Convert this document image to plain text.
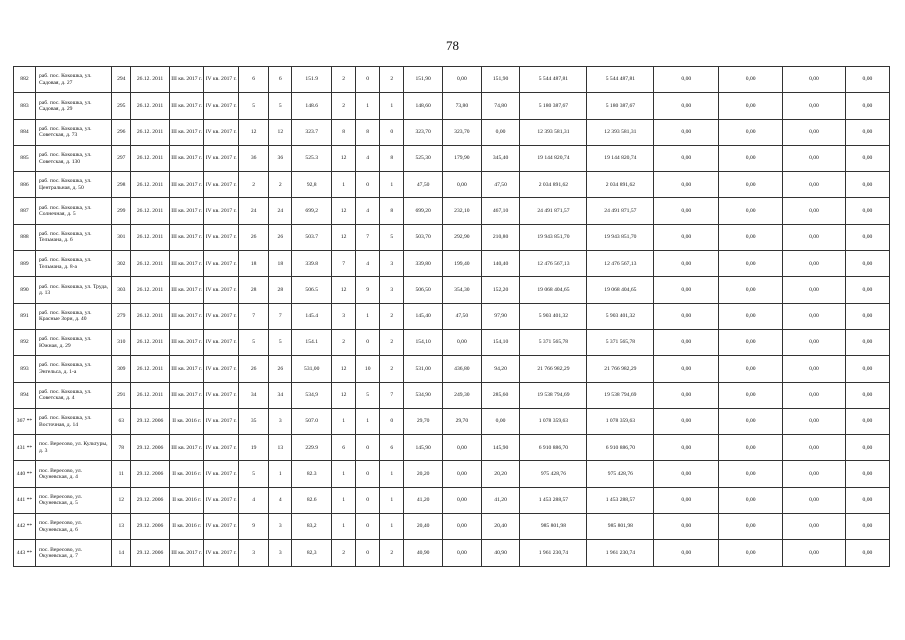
78
882	раб. пос. Кокошка, ул. Садовая, д. 27	294	26.12. 2011	III кв. 2017 г.	IV кв. 2017 г.	6	6	151.9	2	0	2	151,90	0,00	151,90	5 544 487,81	5 544 487,81	0,00	0,00	0,00	0,00
883	раб. пос. Кокошка, ул. Садовая, д. 29	295	26.12. 2011	III кв. 2017 г.	IV кв. 2017 г.	5	5	148.6	2	1	1	148,60	73,80	74,80	5 180 387,67	5 180 387,67	0,00	0,00	0,00	0,00
884	раб. пос. Кокошка, ул. Советская, д. 73	296	26.12. 2011	III кв. 2017 г.	IV кв. 2017 г.	12	12	323.7	8	8	0	323,70	323,70	0,00	12 393 581,31	12 393 581,31	0,00	0,00	0,00	0,00
885	раб. пос. Кокошка, ул. Советская, д. 130	297	26.12. 2011	III кв. 2017 г.	IV кв. 2017 г.	36	36	525.3	12	4	8	525,30	179,90	345,40	19 144 820,74	19 144 820,74	0,00	0,00	0,00	0,00
886	раб. пос. Кокошка, ул. Центральная, д. 50	298	26.12. 2011	III кв. 2017 г.	IV кв. 2017 г.	2	2	92,8	1	0	1	47,50	0,00	47,50	2 034 891,62	2 034 891,62	0,00	0,00	0,00	0,00
887	раб. пос. Кокошка, ул. Солнечная, д. 5	299	26.12. 2011	III кв. 2017 г.	IV кв. 2017 г.	24	24	699,2	12	4	8	699,20	232,10	467,10	24 491 871,57	24 491 871,57	0,00	0,00	0,00	0,00
888	раб. пос. Кокошка, ул. Тельмана, д. 6	301	26.12. 2011	III кв. 2017 г.	IV кв. 2017 г.	26	26	503.7	12	7	5	503,70	292,90	210,80	19 943 851,70	19 943 851,70	0,00	0,00	0,00	0,00
889	раб. пос. Кокошка, ул. Тельмана, д. 8-а	302	26.12. 2011	III кв. 2017 г.	IV кв. 2017 г.	18	18	339.8	7	4	3	339,80	199,40	140,40	12 476 567,13	12 476 567,13	0,00	0,00	0,00	0,00
890	раб. пос. Кокошка, ул. Труда, д. 13	303	26.12. 2011	III кв. 2017 г.	IV кв. 2017 г.	28	28	506.5	12	9	3	506,50	354,30	152,20	19 068 404,65	19 068 404,65	0,00	0,00	0,00	0,00
891	раб. пос. Кокошка, ул. Красные Зори, д. 40	279	26.12. 2011	III кв. 2017 г.	IV кв. 2017 г.	7	7	145.4	3	1	2	145,40	47,50	97,90	5 903 401,32	5 903 401,32	0,00	0,00	0,00	0,00
892	раб. пос. Кокошка, ул. Южная, д. 29	310	26.12. 2011	III кв. 2017 г.	IV кв. 2017 г.	5	5	154.1	2	0	2	154,10	0,00	154,10	5 371 565,78	5 371 565,78	0,00	0,00	0,00	0,00
893	раб. пос. Кокошка, ул. Энгельса, д. 1-а	309	26.12. 2011	III кв. 2017 г.	IV кв. 2017 г.	26	26	531,00	12	10	2	531,00	436,80	94,20	21 766 982,29	21 766 982,29	0,00	0,00	0,00	0,00
894	раб. пос. Кокошка, ул. Советская, д. 4	291	26.12. 2011	III кв. 2017 г.	IV кв. 2017 г.	34	34	534,9	12	5	7	534,90	249,30	285,60	19 538 794,69	19 538 794,69	0,00	0,00	0,00	0,00
367 **	раб. пос. Кокошка, ул. Восточная, д. 14	63	29.12. 2006	II кв. 2016 г.	IV кв. 2017 г.	35	3	507.0	1	1	0	29,70	29,70	0,00	1 078 359,63	1 078 359,63	0,00	0,00	0,00	0,00
431 **	пос. Вересово, ул. Культуры, д. 3	78	29.12. 2006	III кв. 2017 г.	IV кв. 2017 г.	19	13	229.9	6	0	6	145,90	0,00	145,90	6 910 886,70	6 910 886,70	0,00	0,00	0,00	0,00
440 **	пос. Вересово, ул. Окуневская, д. 4	11	29.12. 2006	II кв. 2016 г.	IV кв. 2017 г.	5	1	82.3	1	0	1	20,20	0,00	20,20	975 428,76	975 428,76	0,00	0,00	0,00	0,00
441 **	пос. Вересово, ул. Окуневская, д. 5	12	29.12. 2006	II кв. 2016 г.	IV кв. 2017 г.	4	4	82.6	1	0	1	41,20	0,00	41,20	1 453 288,57	1 453 288,57	0,00	0,00	0,00	0,00
442 **	пос. Вересово, ул. Окуневская, д. 6	13	29.12. 2006	II кв. 2016 г.	IV кв. 2017 г.	9	3	83,2	1	0	1	20,40	0,00	20,40	985 801,98	985 801,98	0,00	0,00	0,00	0,00
443 **	пос. Вересово, ул. Окуневская, д. 7	14	29.12. 2006	III кв. 2017 г.	IV кв. 2017 г.	3	3	82,3	2	0	2	40,90	0,00	40,90	1 961 230,74	1 961 230,74	0,00	0,00	0,00	0,00
